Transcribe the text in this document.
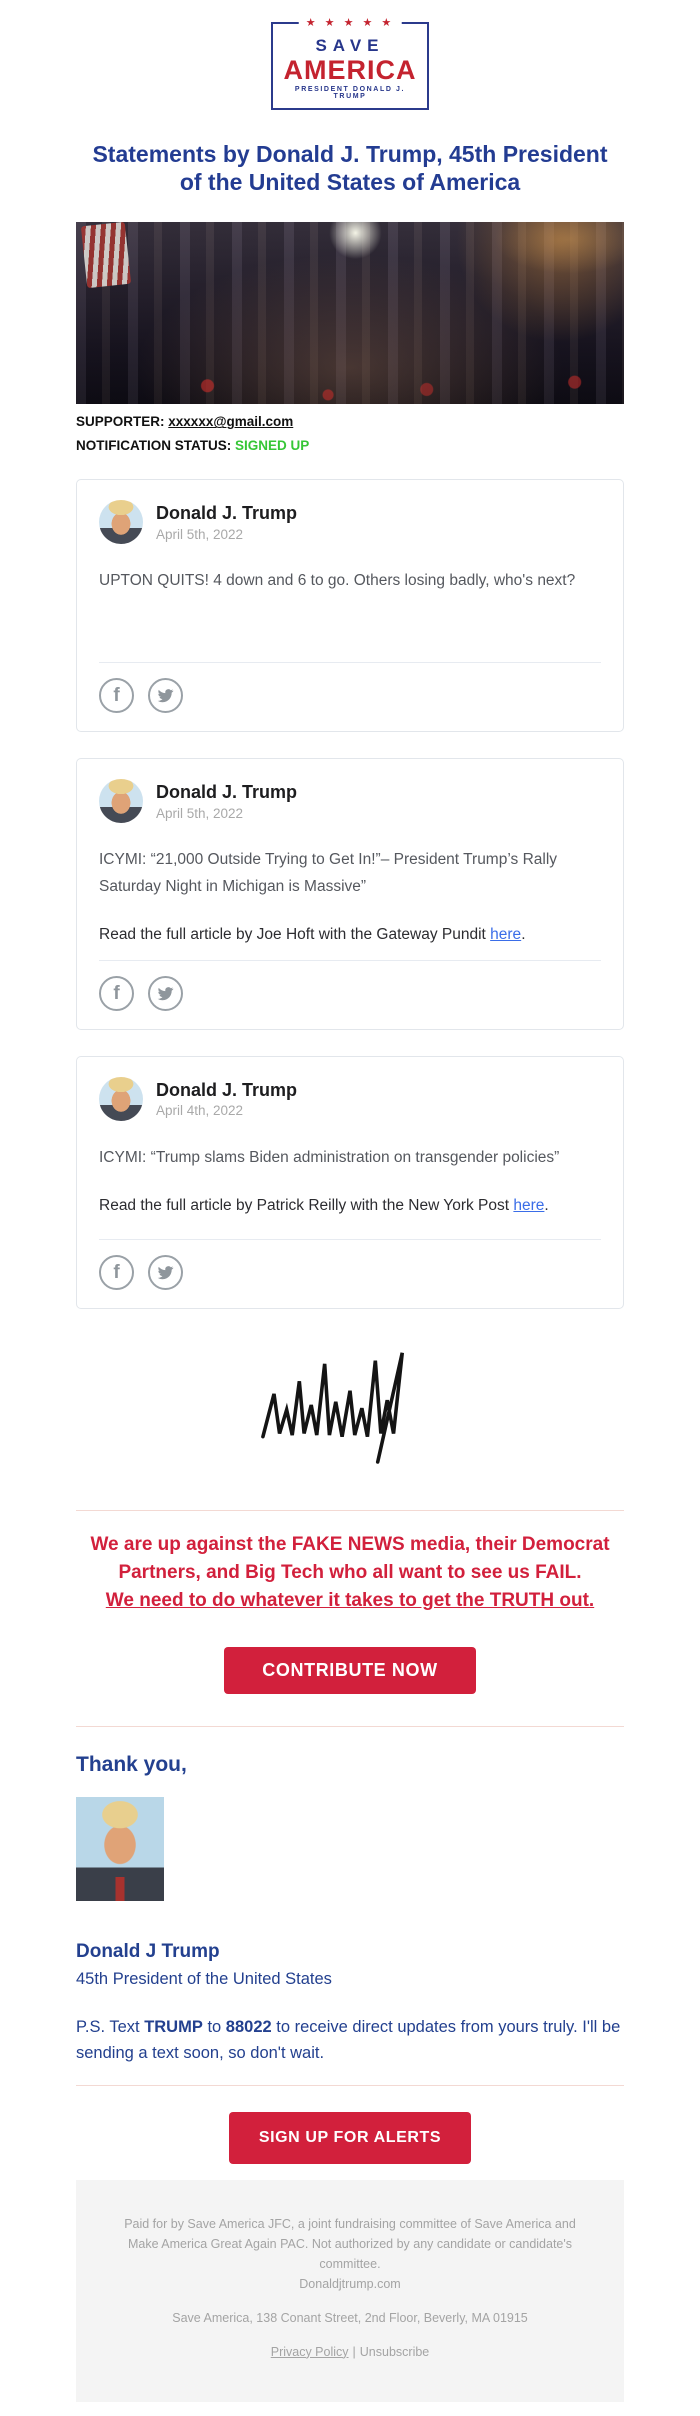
★ ★ ★ ★ ★
SAVE
AMERICA
PRESIDENT DONALD J. TRUMP
Statements by Donald J. Trump, 45th President of the United States of America
SUPPORTER: xxxxxx@gmail.com
NOTIFICATION STATUS: SIGNED UP
Donald J. Trump
April 5th, 2022

UPTON QUITS! 4 down and 6 to go. Others losing badly, who's next?

f
Donald J. Trump
April 5th, 2022

ICYMI: “21,000 Outside Trying to Get In!”– President Trump’s Rally Saturday Night in Michigan is Massive”

Read the full article by Joe Hoft with the Gateway Pundit here.

f
Donald J. Trump
April 4th, 2022

ICYMI: “Trump slams Biden administration on transgender policies”

Read the full article by Patrick Reilly with the New York Post here.

f

We are up against the FAKE NEWS media, their Democrat Partners, and Big Tech who all want to see us FAIL.
We need to do whatever it takes to get the TRUTH out.

CONTRIBUTE NOW
Thank you,
Donald J Trump
45th President of the United States

P.S. Text TRUMP to 88022 to receive direct updates from yours truly. I'll be sending a text soon, so don't wait.

SIGN UP FOR ALERTS

Paid for by Save America JFC, a joint fundraising committee of Save America and Make America Great Again PAC. Not authorized by any candidate or candidate's committee.
Donaldjtrump.com

Save America, 138 Conant Street, 2nd Floor, Beverly, MA 01915

Privacy Policy | Unsubscribe
